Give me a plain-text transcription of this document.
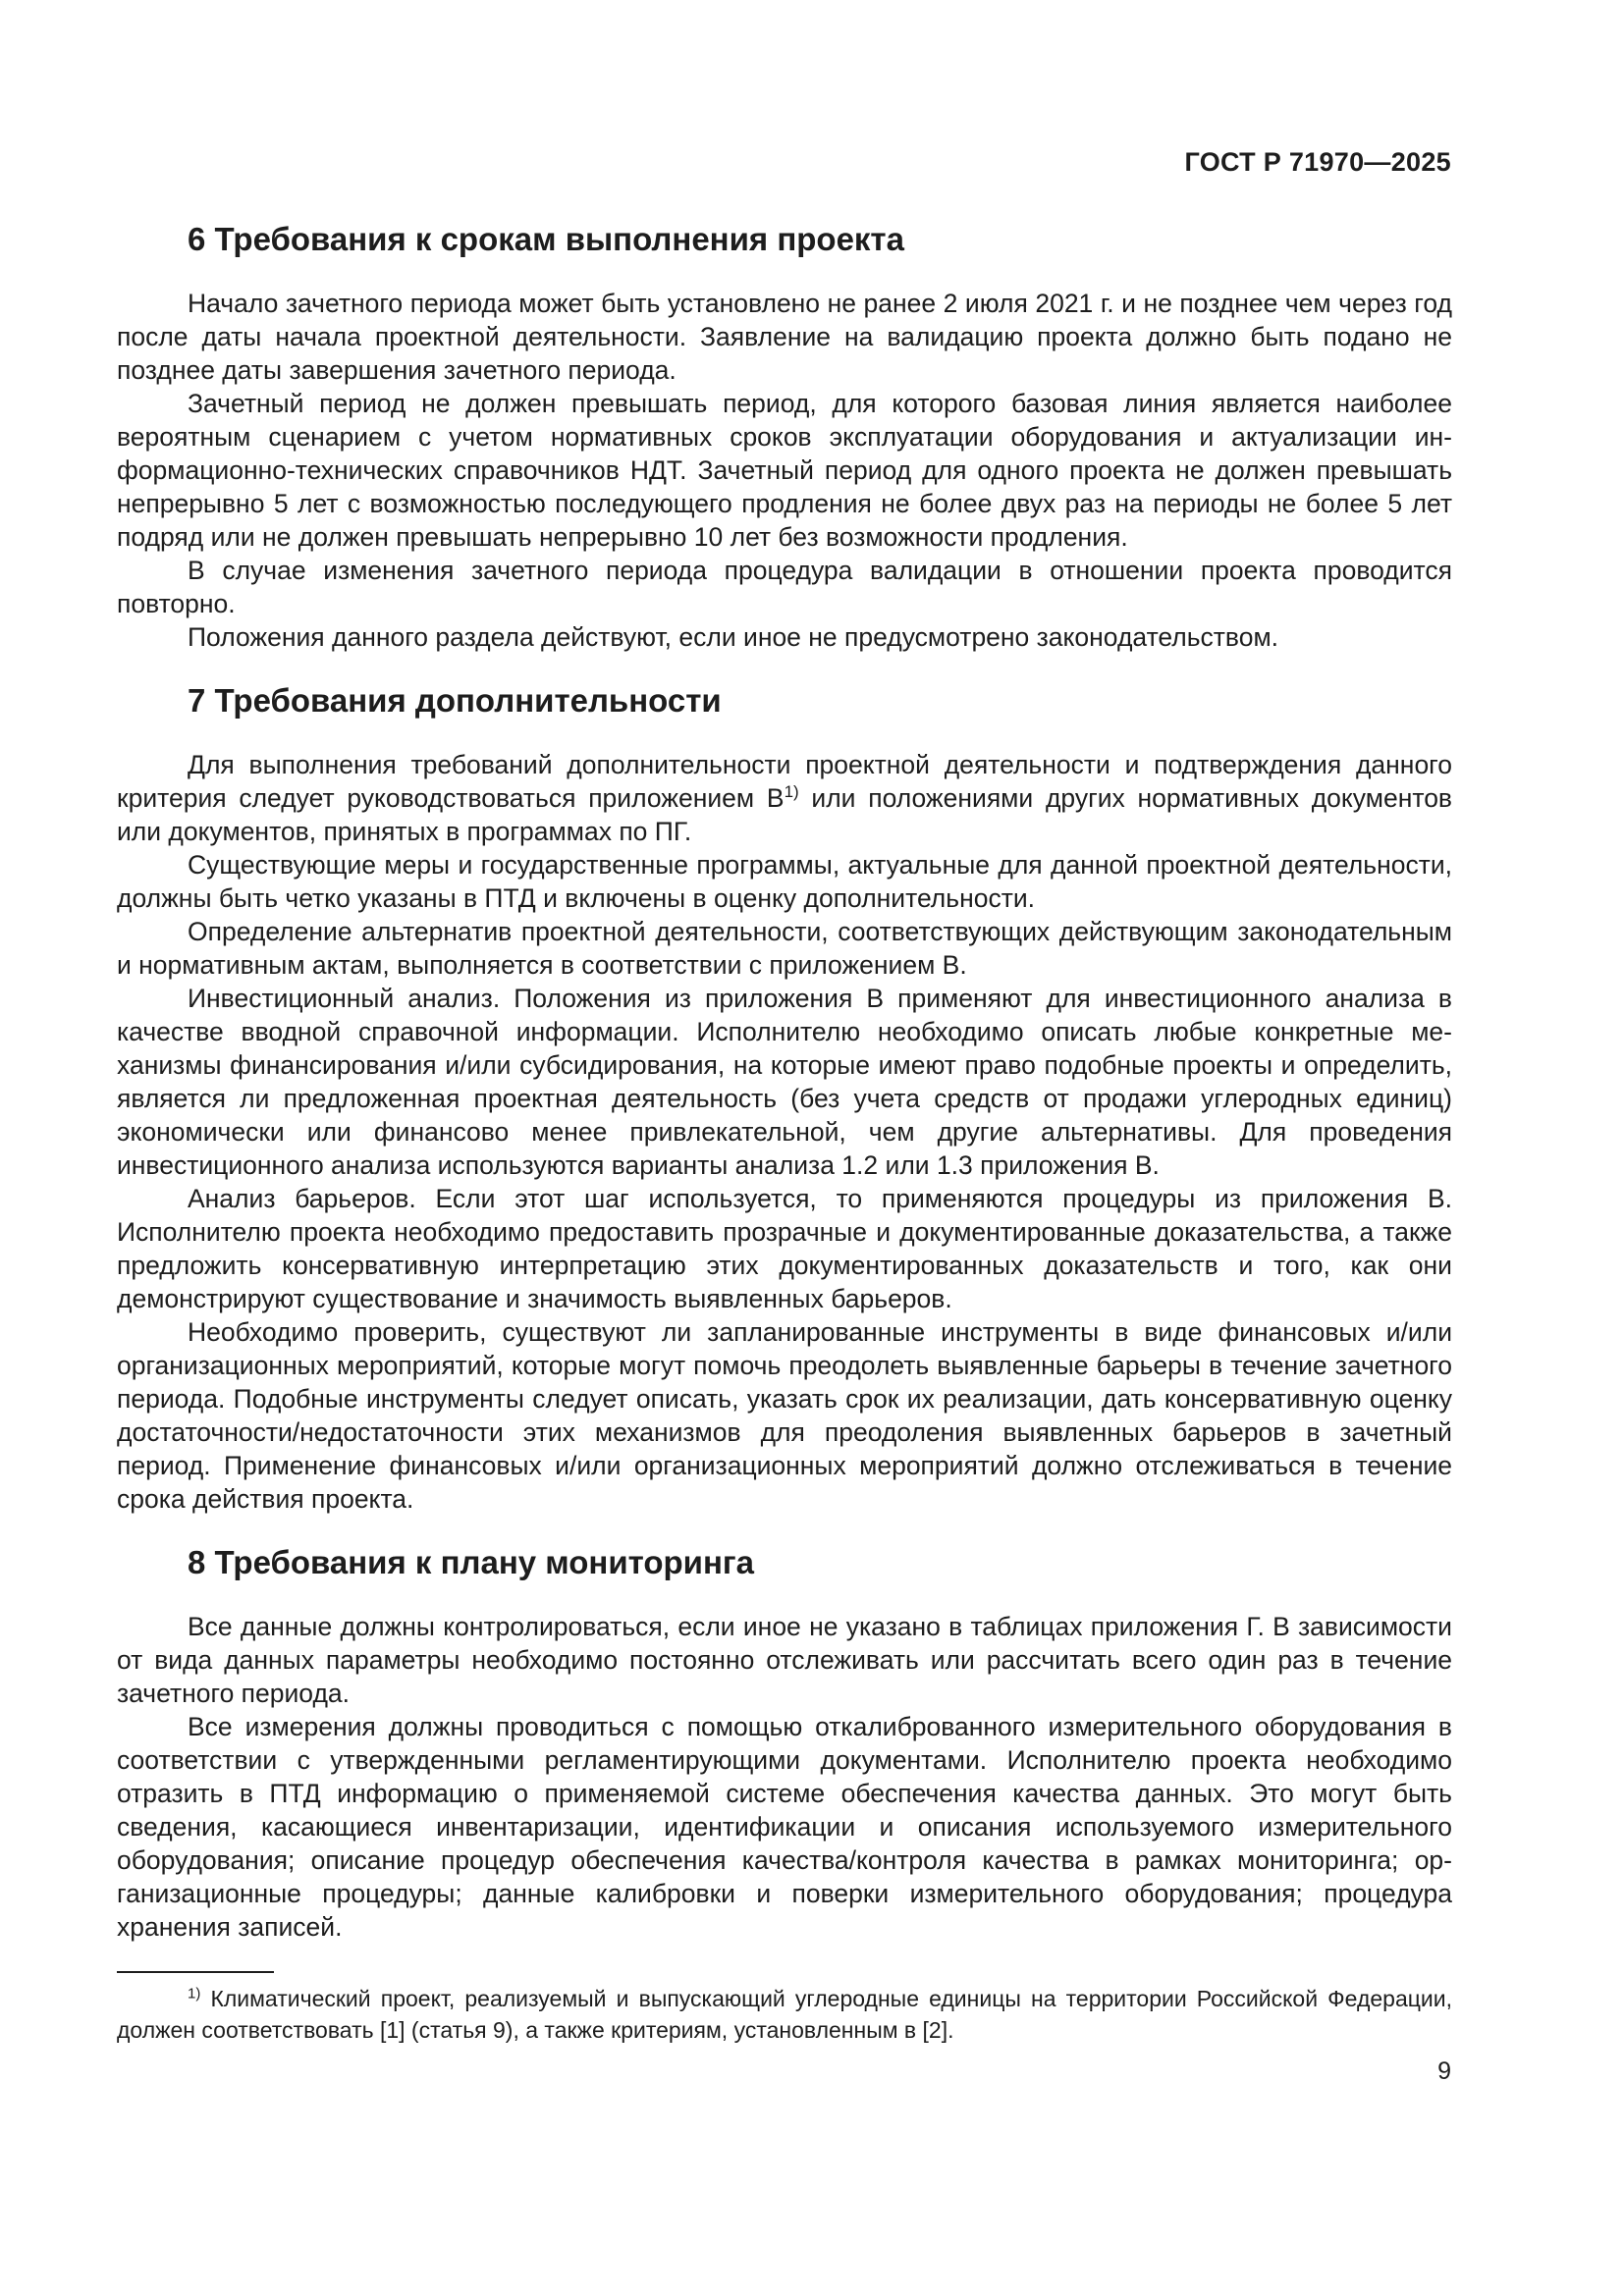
ГОСТ Р 71970—2025
6 Требования к срокам выполнения проекта

Начало зачетного периода может быть установлено не ранее 2 июля 2021 г. и не позднее чем через год после даты начала проектной деятельности. Заявление на валидацию проекта должно быть подано не позднее даты завершения зачетного периода.

Зачетный период не должен превышать период, для которого базовая линия является наиболее вероятным сценарием с учетом нормативных сроков эксплуатации оборудования и актуализации информационно-технических справочников НДТ. Зачетный период для одного проекта не должен превышать непрерывно 5 лет с возможностью последующего продления не более двух раз на периоды не более 5 лет подряд или не должен превышать непрерывно 10 лет без возможности продления.

В случае изменения зачетного периода процедура валидации в отношении проекта проводится повторно.

Положения данного раздела действуют, если иное не предусмотрено законодательством.

7 Требования дополнительности

Для выполнения требований дополнительности проектной деятельности и подтверждения данного критерия следует руководствоваться приложением $В^{1)}$ или положениями других нормативных документов или документов, принятых в программах по ПГ.

Существующие меры и государственные программы, актуальные для данной проектной деятельности, должны быть четко указаны в ПТД и включены в оценку дополнительности.

Определение альтернатив проектной деятельности, соответствующих действующим законодательным и нормативным актам, выполняется в соответствии с приложением В.

Инвестиционный анализ. Положения из приложения В применяют для инвестиционного анализа в качестве вводной справочной информации. Исполнителю необходимо описать любые конкретные механизмы финансирования и/или субсидирования, на которые имеют право подобные проекты и определить, является ли предложенная проектная деятельность (без учета средств от продажи углеродных единиц) экономически или финансово менее привлекательной, чем другие альтернативы. Для проведения инвестиционного анализа используются варианты анализа 1.2 или 1.3 приложения В.

Анализ барьеров. Если этот шаг используется, то применяются процедуры из приложения В. Исполнителю проекта необходимо предоставить прозрачные и документированные доказательства, а также предложить консервативную интерпретацию этих документированных доказательств и того, как они демонстрируют существование и значимость выявленных барьеров.

Необходимо проверить, существуют ли запланированные инструменты в виде финансовых и/или организационных мероприятий, которые могут помочь преодолеть выявленные барьеры в течение зачетного периода. Подобные инструменты следует описать, указать срок их реализации, дать консервативную оценку достаточности/недостаточности этих механизмов для преодоления выявленных барьеров в зачетный период. Применение финансовых и/или организационных мероприятий должно отслеживаться в течение срока действия проекта.

8 Требования к плану мониторинга

Все данные должны контролироваться, если иное не указано в таблицах приложения Г. В зависимости от вида данных параметры необходимо постоянно отслеживать или рассчитать всего один раз в течение зачетного периода.

Все измерения должны проводиться с помощью откалиброванного измерительного оборудования в соответствии с утвержденными регламентирующими документами. Исполнителю проекта необходимо отразить в ПТД информацию о применяемой системе обеспечения качества данных. Это могут быть сведения, касающиеся инвентаризации, идентификации и описания используемого измерительного оборудования; описание процедур обеспечения качества/контроля качества в рамках мониторинга; организационные процедуры; данные калибровки и поверки измерительного оборудования; процедура хранения записей.

$^{1)}$ Климатический проект, реализуемый и выпускающий углеродные единицы на территории Российской Федерации, должен соответствовать [1] (статья 9), а также критериям, установленным в [2].

9
